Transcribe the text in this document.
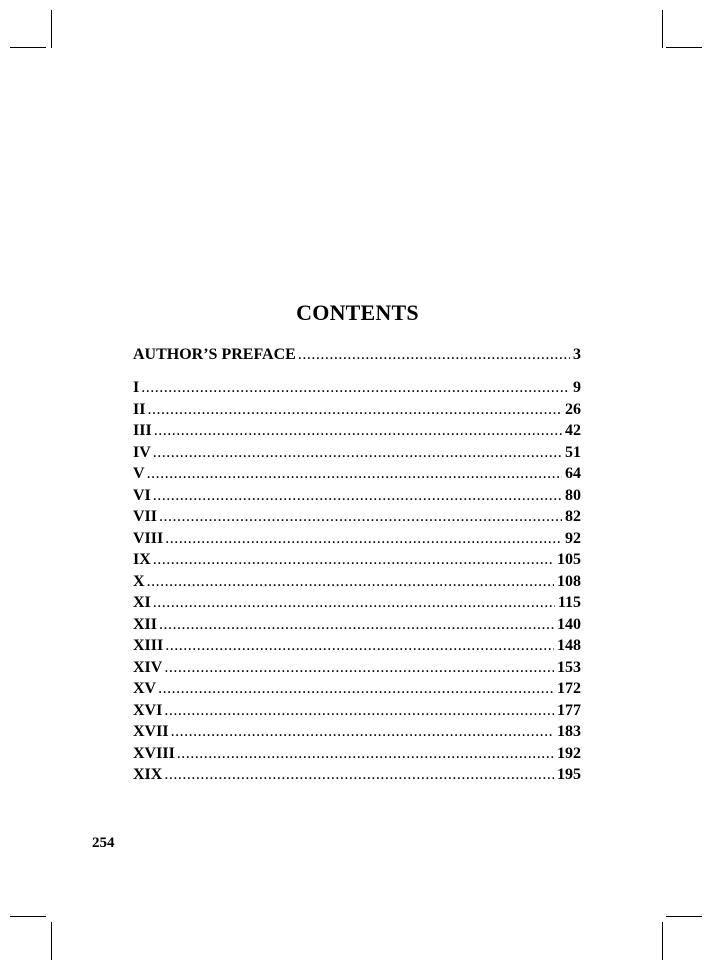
CONTENTS
AUTHOR’S PREFACE .....	3
I .....	9
II .....	26
III .....	42
IV .....	51
V .....	64
VI .....	80
VII .....	82
VIII .....	92
IX .....	105
X .....	108
XI .....	115
XII .....	140
XIII .....	148
XIV .....	153
XV .....	172
XVI .....	177
XVII .....	183
XVIII .....	192
XIX .....	195
254
